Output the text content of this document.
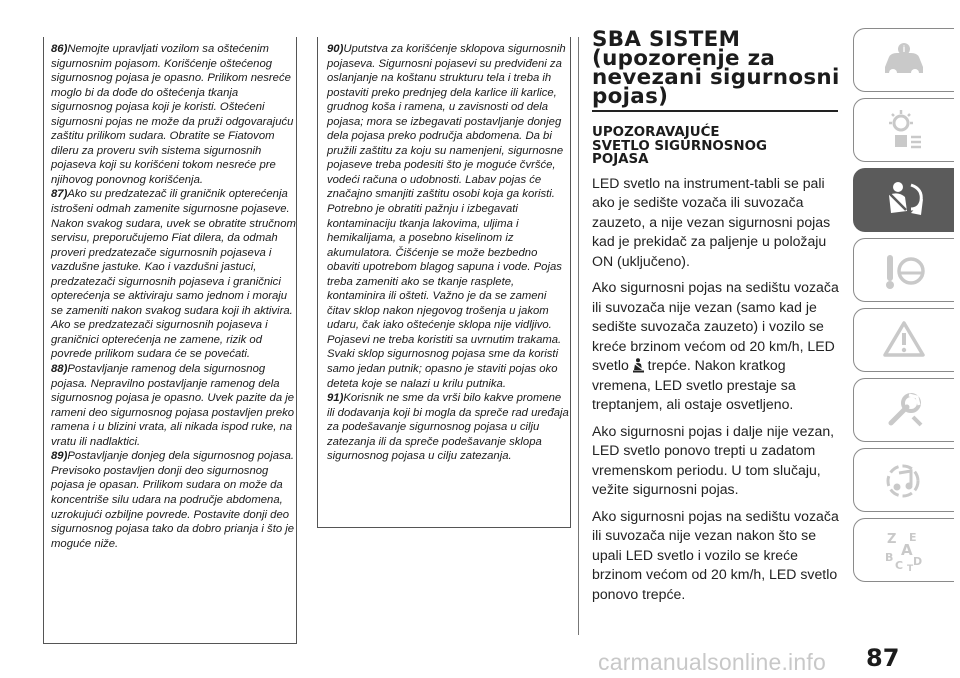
86)Nemojte upravljati vozilom sa oštećenim sigurnosnim pojasom. Korišćenje oštećenog sigurnosnog pojasa je opasno. Prilikom nesreće moglo bi da dođe do oštećenja tkanja sigurnosnog pojasa koji je koristi. Oštećeni sigurnosni pojas ne može da pruži odgovarajuću zaštitu prilikom sudara. Obratite se Fiatovom dileru za proveru svih sistema sigurnosnih pojaseva koji su korišćeni tokom nesreće pre njihovog ponovnog korišćenja.

87)Ako su predzatezač ili graničnik opterećenja istrošeni odmah zamenite sigurnosne pojaseve. Nakon svakog sudara, uvek se obratite stručnom servisu, preporučujemo Fiat dilera, da odmah proveri predzatezače sigurnosnih pojaseva i vazdušne jastuke. Kao i vazdušni jastuci, predzatezači sigurnosnih pojaseva i graničnici opterećenja se aktiviraju samo jednom i moraju se zameniti nakon svakog sudara koji ih aktivira. Ako se predzatezači sigurnosnih pojaseva i graničnici opterećenja ne zamene, rizik od povrede prilikom sudara će se povećati.

88)Postavljanje ramenog dela sigurnosnog pojasa. Nepravilno postavljanje ramenog dela sigurnosnog pojasa je opasno. Uvek pazite da je rameni deo sigurnosnog pojasa postavljen preko ramena i u blizini vrata, ali nikada ispod ruke, na vratu ili nadlaktici.

89)Postavljanje donjeg dela sigurnosnog pojasa. Previsoko postavljen donji deo sigurnosnog pojasa je opasan. Prilikom sudara on može da koncentriše silu udara na područje abdomena, uzrokujući ozbiljne povrede. Postavite donji deo sigurnosnog pojasa tako da dobro prianja i što je moguće niže.

90)Uputstva za korišćenje sklopova sigurnosnih pojaseva. Sigurnosni pojasevi su predviđeni za oslanjanje na koštanu strukturu tela i treba ih postaviti preko prednjeg dela karlice ili karlice, grudnog koša i ramena, u zavisnosti od dela pojasa; mora se izbegavati postavljanje donjeg dela pojasa preko područja abdomena. Da bi pružili zaštitu za koju su namenjeni, sigurnosne pojaseve treba podesiti što je moguće čvršće, vodeći računa o udobnosti. Labav pojas će značajno smanjiti zaštitu osobi koja ga koristi. Potrebno je obratiti pažnju i izbegavati kontaminaciju tkanja lakovima, uljima i hemikalijama, a posebno kiselinom iz akumulatora. Čišćenje se može bezbedno obaviti upotrebom blagog sapuna i vode. Pojas treba zameniti ako se tkanje rasplete, kontaminira ili ošteti. Važno je da se zameni čitav sklop nakon njegovog trošenja u jakom udaru, čak iako oštećenje sklopa nije vidljivo. Pojasevi ne treba koristiti sa uvrnutim trakama. Svaki sklop sigurnosnog pojasa sme da koristi samo jedan putnik; opasno je staviti pojas oko deteta koje se nalazi u krilu putnika.

91)Korisnik ne sme da vrši bilo kakve promene ili dodavanja koji bi mogla da spreče rad uređaja za podešavanje sigurnosnog pojasa u cilju zatezanja ili da spreče podešavanje sklopa sigurnosnog pojasa u cilju zatezanja.

SBA SISTEM

(upozorenje za

nevezani sigurnosni

pojas)

UPOZORAVAJUĆE
SVETLO SIGURNOSNOG
POJASA

LED svetlo na instrument-tabli se pali ako je sedište vozača ili suvozača zauzeto, a nije vezan sigurnosni pojas kad je prekidač za paljenje u položaju ON (uključeno).

Ako sigurnosni pojas na sedištu vozača ili suvozača nije vezan (samo kad je sedište suvozača zauzeto) i vozilo se kreće brzinom većom od 20 km/h, LED svetlo  trepće. Nakon kratkog vremena, LED svetlo prestaje sa treptanjem, ali ostaje osvetljeno.

Ako sigurnosni pojas i dalje nije vezan, LED svetlo ponovo trepti u zadatom vremenskom periodu. U tom slučaju, vežite sigurnosni pojas.

Ako sigurnosni pojas na sedištu vozača ili suvozača nije vezan nakon što se upali LED svetlo i vozilo se kreće brzinom većom od 20 km/h, LED svetlo ponovo trepće.

i
Z E
A
B D
C T
87
carmanualsonline.info
